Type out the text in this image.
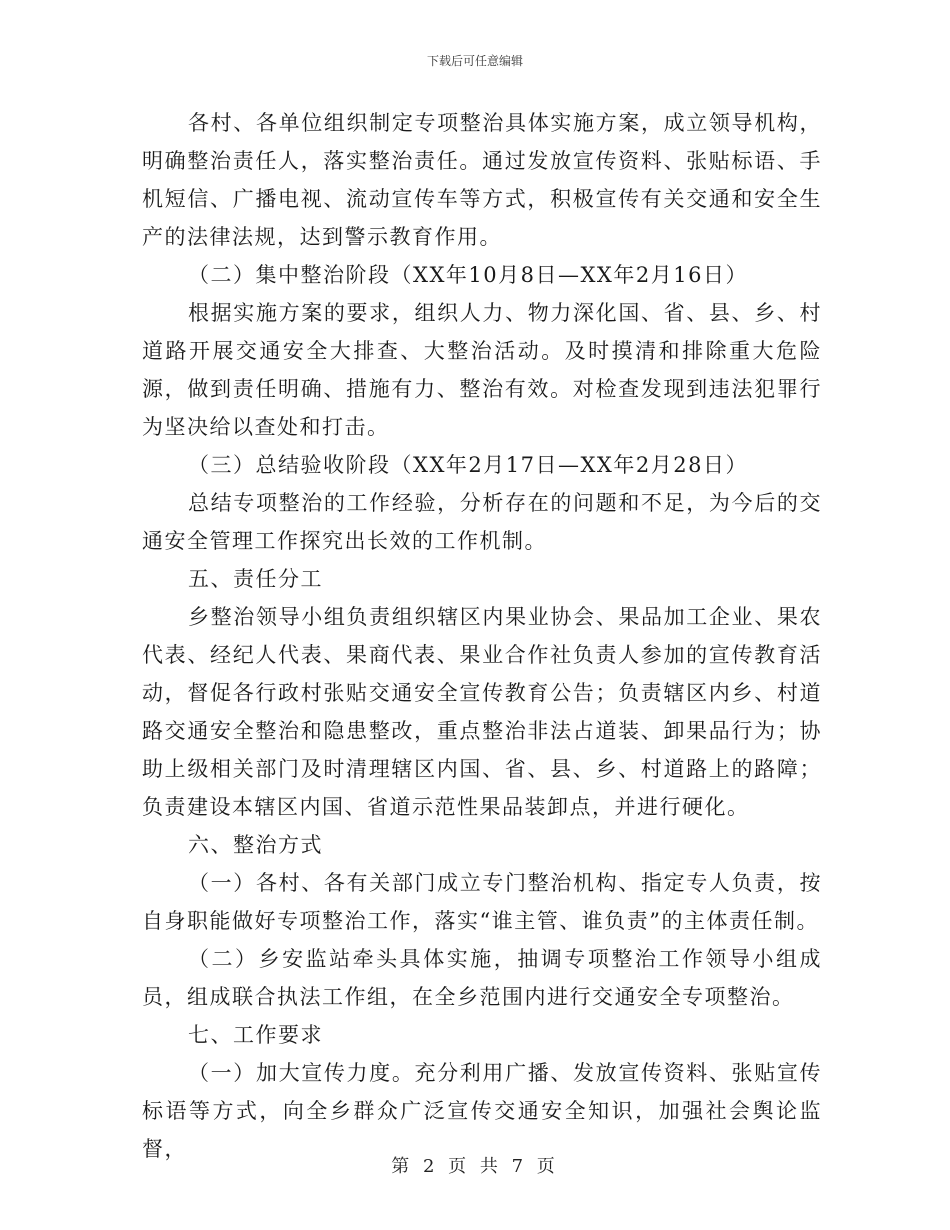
下载后可任意编辑

各村、各单位组织制定专项整治具体实施方案，成立领导机构，明确整治责任人，落实整治责任。通过发放宣传资料、张贴标语、手机短信、广播电视、流动宣传车等方式，积极宣传有关交通和安全生产的法律法规，达到警示教育作用。

（二）集中整治阶段（XX年10月8日—XX年2月16日）

根据实施方案的要求，组织人力、物力深化国、省、县、乡、村道路开展交通安全大排查、大整治活动。及时摸清和排除重大危险源，做到责任明确、措施有力、整治有效。对检查发现到违法犯罪行为坚决给以查处和打击。

（三）总结验收阶段（XX年2月17日—XX年2月28日）

总结专项整治的工作经验，分析存在的问题和不足，为今后的交通安全管理工作探究出长效的工作机制。

五、责任分工

乡整治领导小组负责组织辖区内果业协会、果品加工企业、果农代表、经纪人代表、果商代表、果业合作社负责人参加的宣传教育活动，督促各行政村张贴交通安全宣传教育公告；负责辖区内乡、村道路交通安全整治和隐患整改，重点整治非法占道装、卸果品行为；协助上级相关部门及时清理辖区内国、省、县、乡、村道路上的路障；负责建设本辖区内国、省道示范性果品装卸点，并进行硬化。

六、整治方式

（一）各村、各有关部门成立专门整治机构、指定专人负责，按自身职能做好专项整治工作，落实“谁主管、谁负责”的主体责任制。

（二）乡安监站牵头具体实施，抽调专项整治工作领导小组成员，组成联合执法工作组，在全乡范围内进行交通安全专项整治。

七、工作要求

（一）加大宣传力度。充分利用广播、发放宣传资料、张贴宣传标语等方式，向全乡群众广泛宣传交通安全知识，加强社会舆论监督，

第 2 页 共 7 页
